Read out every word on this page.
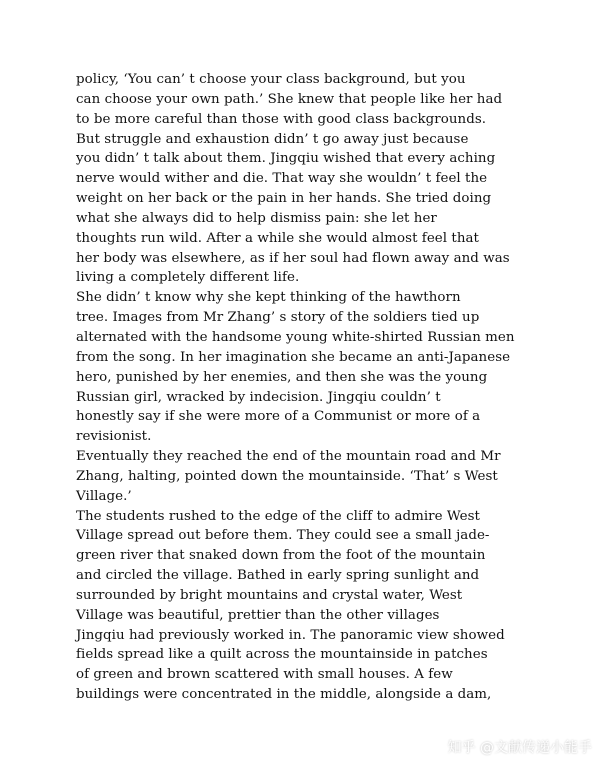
policy, ‘You can’ t choose your class background, but you
can choose your own path.’ She knew that people like her had
to be more careful than those with good class backgrounds.
But struggle and exhaustion didn’ t go away just because
you didn’ t talk about them. Jingqiu wished that every aching
nerve would wither and die. That way she wouldn’ t feel the
weight on her back or the pain in her hands. She tried doing
what she always did to help dismiss pain: she let her
thoughts run wild. After a while she would almost feel that
her body was elsewhere, as if her soul had flown away and was
living a completely different life.
She didn’ t know why she kept thinking of the hawthorn
tree. Images from Mr Zhang’ s story of the soldiers tied up
alternated with the handsome young white-shirted Russian men
from the song. In her imagination she became an anti-Japanese
hero, punished by her enemies, and then she was the young
Russian girl, wracked by indecision. Jingqiu couldn’ t
honestly say if she were more of a Communist or more of a
revisionist.
Eventually they reached the end of the mountain road and Mr
Zhang, halting, pointed down the mountainside. ‘That’ s West
Village.’
The students rushed to the edge of the cliff to admire West
Village spread out before them. They could see a small jade-
green river that snaked down from the foot of the mountain
and circled the village. Bathed in early spring sunlight and
surrounded by bright mountains and crystal water, West
Village was beautiful, prettier than the other villages
Jingqiu had previously worked in. The panoramic view showed
fields spread like a quilt across the mountainside in patches
of green and brown scattered with small houses. A few
buildings were concentrated in the middle, alongside a dam,
知乎 @文献传递小能手
